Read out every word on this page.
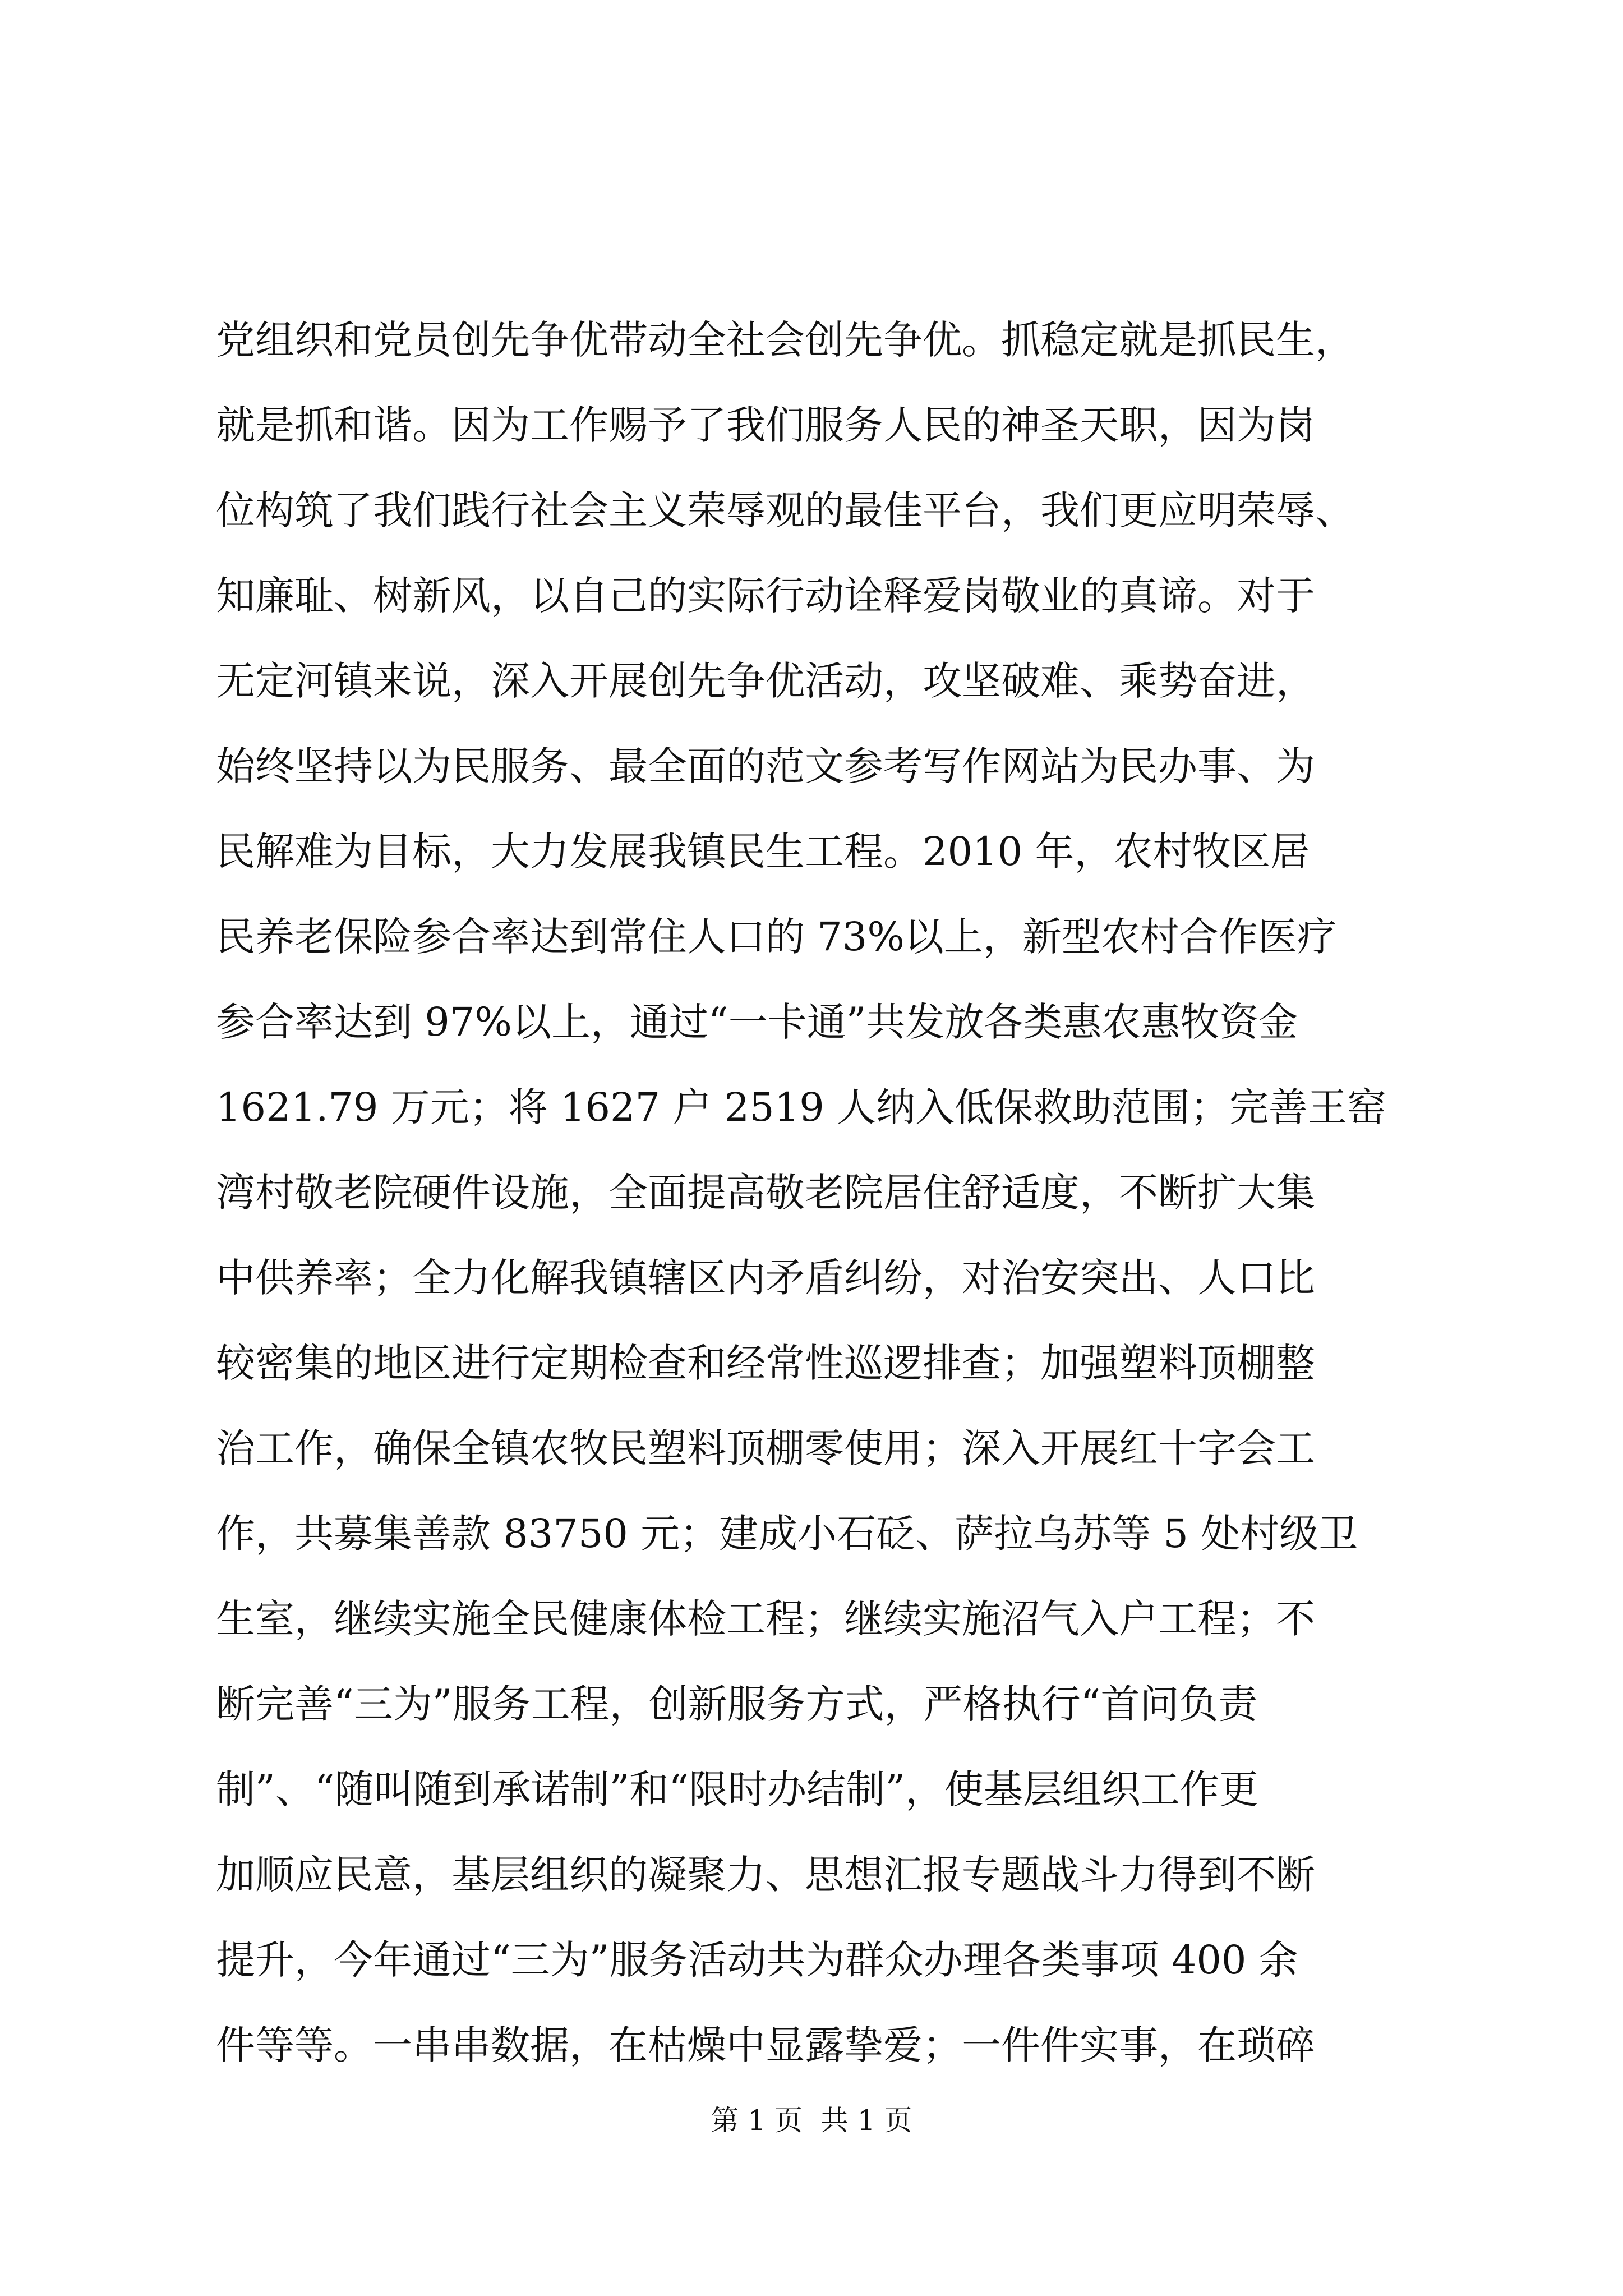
党组织和党员创先争优带动全社会创先争优。抓稳定就是抓民生，
就是抓和谐。因为工作赐予了我们服务人民的神圣天职，因为岗
位构筑了我们践行社会主义荣辱观的最佳平台，我们更应明荣辱、
知廉耻、树新风，以自己的实际行动诠释爱岗敬业的真谛。对于
无定河镇来说，深入开展创先争优活动，攻坚破难、乘势奋进，
始终坚持以为民服务、最全面的范文参考写作网站为民办事、为
民解难为目标，大力发展我镇民生工程。2010 年，农村牧区居
民养老保险参合率达到常住人口的 73%以上，新型农村合作医疗
参合率达到 97%以上，通过“一卡通”共发放各类惠农惠牧资金
1621.79 万元；将 1627 户 2519 人纳入低保救助范围；完善王窑
湾村敬老院硬件设施，全面提高敬老院居住舒适度，不断扩大集
中供养率；全力化解我镇辖区内矛盾纠纷，对治安突出、人口比
较密集的地区进行定期检查和经常性巡逻排查；加强塑料顶棚整
治工作，确保全镇农牧民塑料顶棚零使用；深入开展红十字会工
作，共募集善款 83750 元；建成小石砭、萨拉乌苏等 5 处村级卫
生室，继续实施全民健康体检工程；继续实施沼气入户工程；不
断完善“三为”服务工程，创新服务方式，严格执行“首问负责
制”、“随叫随到承诺制”和“限时办结制”，使基层组织工作更
加顺应民意，基层组织的凝聚力、思想汇报专题战斗力得到不断
提升，今年通过“三为”服务活动共为群众办理各类事项 400 余
件等等。一串串数据，在枯燥中显露挚爱；一件件实事，在琐碎
第 1 页  共 1 页
